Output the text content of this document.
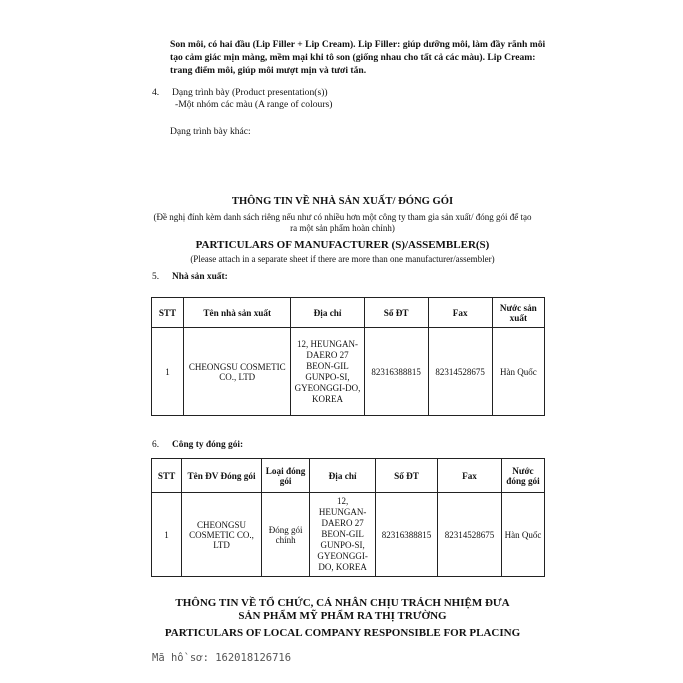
Son môi, có hai đầu (Lip Filler + Lip Cream). Lip Filler: giúp dưỡng môi, làm đầy rãnh môi tạo cảm giác mịn màng, mềm mại khi tô son (giống nhau cho tất cả các màu). Lip Cream: trang điểm môi, giúp môi mượt mịn và tươi tắn.
4. Dạng trình bày (Product presentation(s))
-Một nhóm các màu (A range of colours)
Dạng trình bày khác:
THÔNG TIN VỀ NHÀ SẢN XUẤT/ ĐÓNG GÓI
(Đề nghị đính kèm danh sách riêng nếu như có nhiều hơn một công ty tham gia sản xuất/ đóng gói để tạo ra một sản phẩm hoàn chỉnh)
PARTICULARS OF MANUFACTURER (S)/ASSEMBLER(S)
(Please attach in a separate sheet if there are more than one manufacturer/assembler)
5. Nhà sản xuất:
STT	Tên nhà sản xuất	Địa chỉ	Số ĐT	Fax	Nước sản xuất
1	CHEONGSU COSMETIC CO., LTD	12, HEUNGAN-DAERO 27 BEON-GIL GUNPO-SI, GYEONGGI-DO, KOREA	82316388815	82314528675	Hàn Quốc
6. Công ty đóng gói:
STT	Tên ĐV Đóng gói	Loại đóng gói	Địa chỉ	Số ĐT	Fax	Nước đóng gói
1	CHEONGSU COSMETIC CO., LTD	Đóng gói chính	12, HEUNGAN-DAERO 27 BEON-GIL GUNPO-SI, GYEONGGI-DO, KOREA	82316388815	82314528675	Hàn Quốc
THÔNG TIN VỀ TỔ CHỨC, CÁ NHÂN CHỊU TRÁCH NHIỆM ĐƯA SẢN PHẨM MỸ PHẨM RA THỊ TRƯỜNG
PARTICULARS OF LOCAL COMPANY RESPONSIBLE FOR PLACING
Mã hồ sơ: 162018126716
